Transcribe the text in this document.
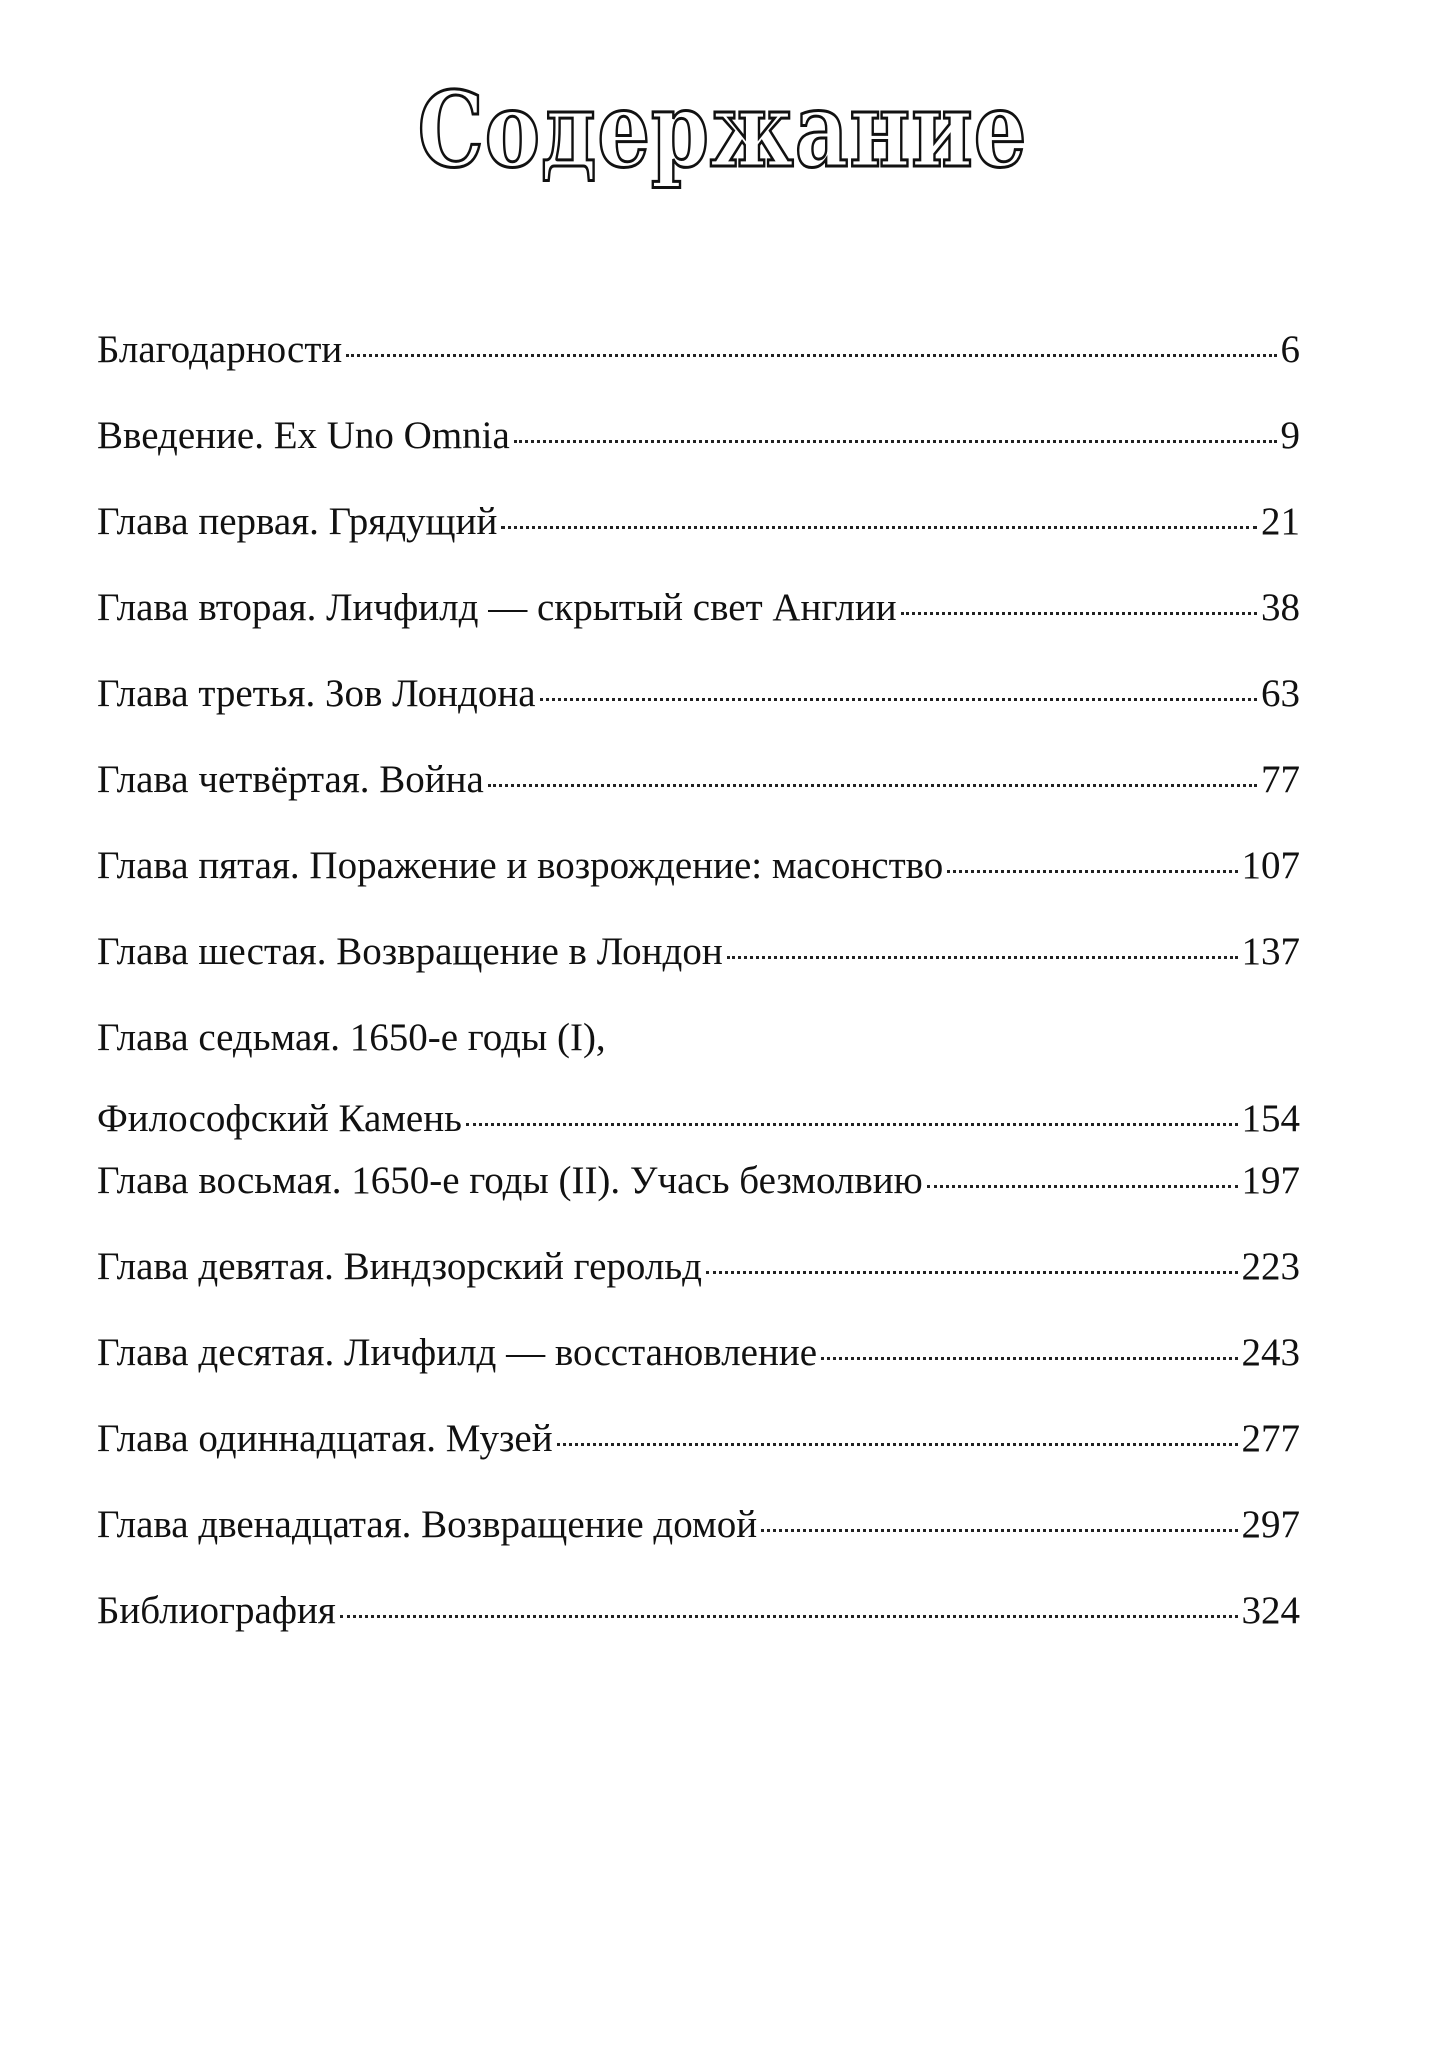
Содержание
Благодарности	6
Введение. Ex Uno Omnia	9
Глава первая. Грядущий	21
Глава вторая. Личфилд — скрытый свет Англии	38
Глава третья. Зов Лондона	63
Глава четвёртая. Война	77
Глава пятая. Поражение и возрождение: масонство	107
Глава шестая. Возвращение в Лондон	137
Глава седьмая. 1650-е годы (I),
Философский Камень	154
Глава восьмая. 1650-е годы (II). Учась безмолвию	197
Глава девятая. Виндзорский герольд	223
Глава десятая. Личфилд — восстановление	243
Глава одиннадцатая. Музей	277
Глава двенадцатая. Возвращение домой	297
Библиография	324
